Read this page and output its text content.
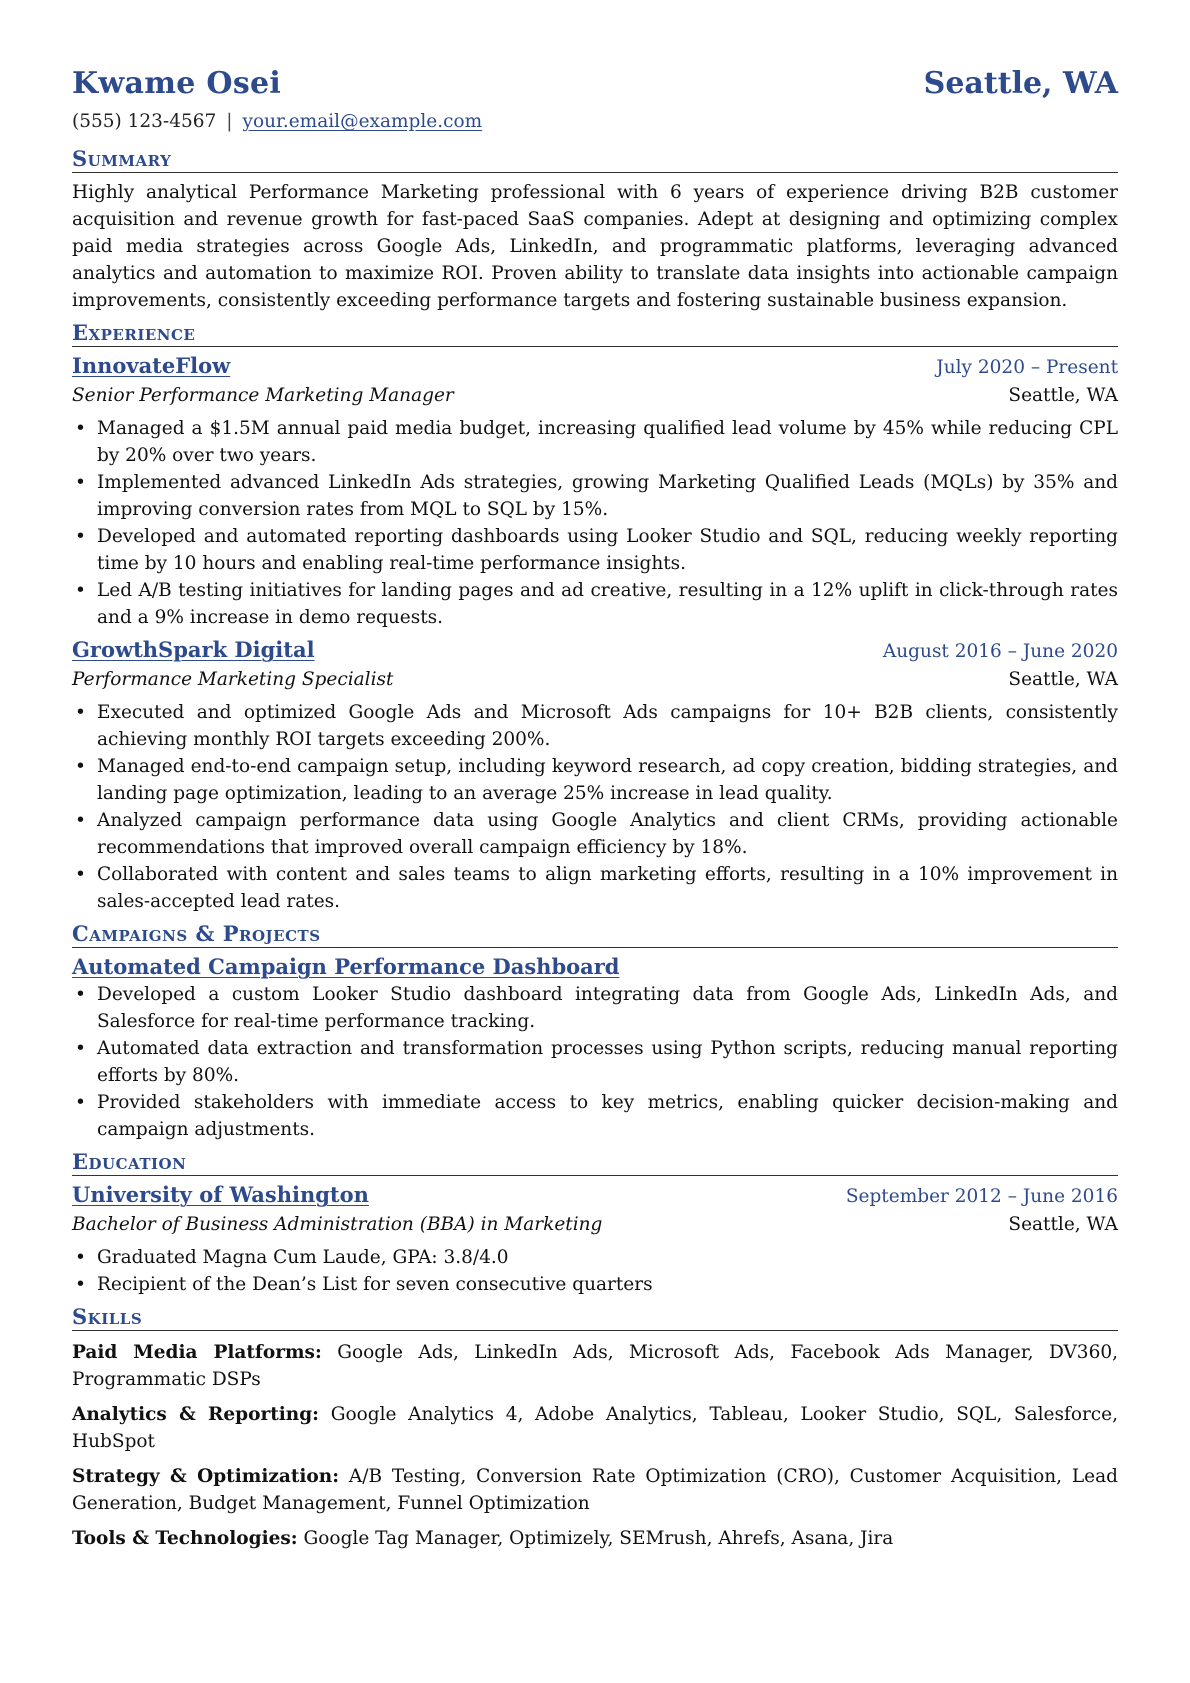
Kwame Osei	Seattle, WA
(555) 123-4567 | your.email@example.com
Summary

Highly analytical Performance Marketing professional with 6 years of experience driving B2B customer acquisition and revenue growth for fast-paced SaaS companies. Adept at designing and optimizing complex paid media strategies across Google Ads, LinkedIn, and programmatic platforms, leveraging advanced analytics and automation to maximize ROI. Proven ability to translate data insights into actionable campaign improvements, consistently exceeding performance targets and fostering sustainable business expansion.

Experience
InnovateFlow	July 2020 – Present
Senior Performance Marketing Manager	Seattle, WA
• Managed a $1.5M annual paid media budget, increasing qualified lead volume by 45% while reducing CPL by 20% over two years.
• Implemented advanced LinkedIn Ads strategies, growing Marketing Qualified Leads (MQLs) by 35% and improving conversion rates from MQL to SQL by 15%.
• Developed and automated reporting dashboards using Looker Studio and SQL, reducing weekly reporting time by 10 hours and enabling real-time performance insights.
• Led A/B testing initiatives for landing pages and ad creative, resulting in a 12% uplift in click-through rates and a 9% increase in demo requests.
GrowthSpark Digital	August 2016 – June 2020
Performance Marketing Specialist	Seattle, WA
• Executed and optimized Google Ads and Microsoft Ads campaigns for 10+ B2B clients, consistently achieving monthly ROI targets exceeding 200%.
• Managed end-to-end campaign setup, including keyword research, ad copy creation, bidding strategies, and landing page optimization, leading to an average 25% increase in lead quality.
• Analyzed campaign performance data using Google Analytics and client CRMs, providing actionable recommendations that improved overall campaign efficiency by 18%.
• Collaborated with content and sales teams to align marketing efforts, resulting in a 10% improvement in sales-accepted lead rates.
Campaigns & Projects
Automated Campaign Performance Dashboard
• Developed a custom Looker Studio dashboard integrating data from Google Ads, LinkedIn Ads, and Salesforce for real-time performance tracking.
• Automated data extraction and transformation processes using Python scripts, reducing manual reporting efforts by 80%.
• Provided stakeholders with immediate access to key metrics, enabling quicker decision-making and campaign adjustments.
Education
University of Washington	September 2012 – June 2016
Bachelor of Business Administration (BBA) in Marketing	Seattle, WA
• Graduated Magna Cum Laude, GPA: 3.8/4.0
• Recipient of the Dean’s List for seven consecutive quarters
Skills

Paid Media Platforms: Google Ads, LinkedIn Ads, Microsoft Ads, Facebook Ads Manager, DV360, Programmatic DSPs

Analytics & Reporting: Google Analytics 4, Adobe Analytics, Tableau, Looker Studio, SQL, Salesforce, HubSpot

Strategy & Optimization: A/B Testing, Conversion Rate Optimization (CRO), Customer Acquisition, Lead Generation, Budget Management, Funnel Optimization

Tools & Technologies: Google Tag Manager, Optimizely, SEMrush, Ahrefs, Asana, Jira
